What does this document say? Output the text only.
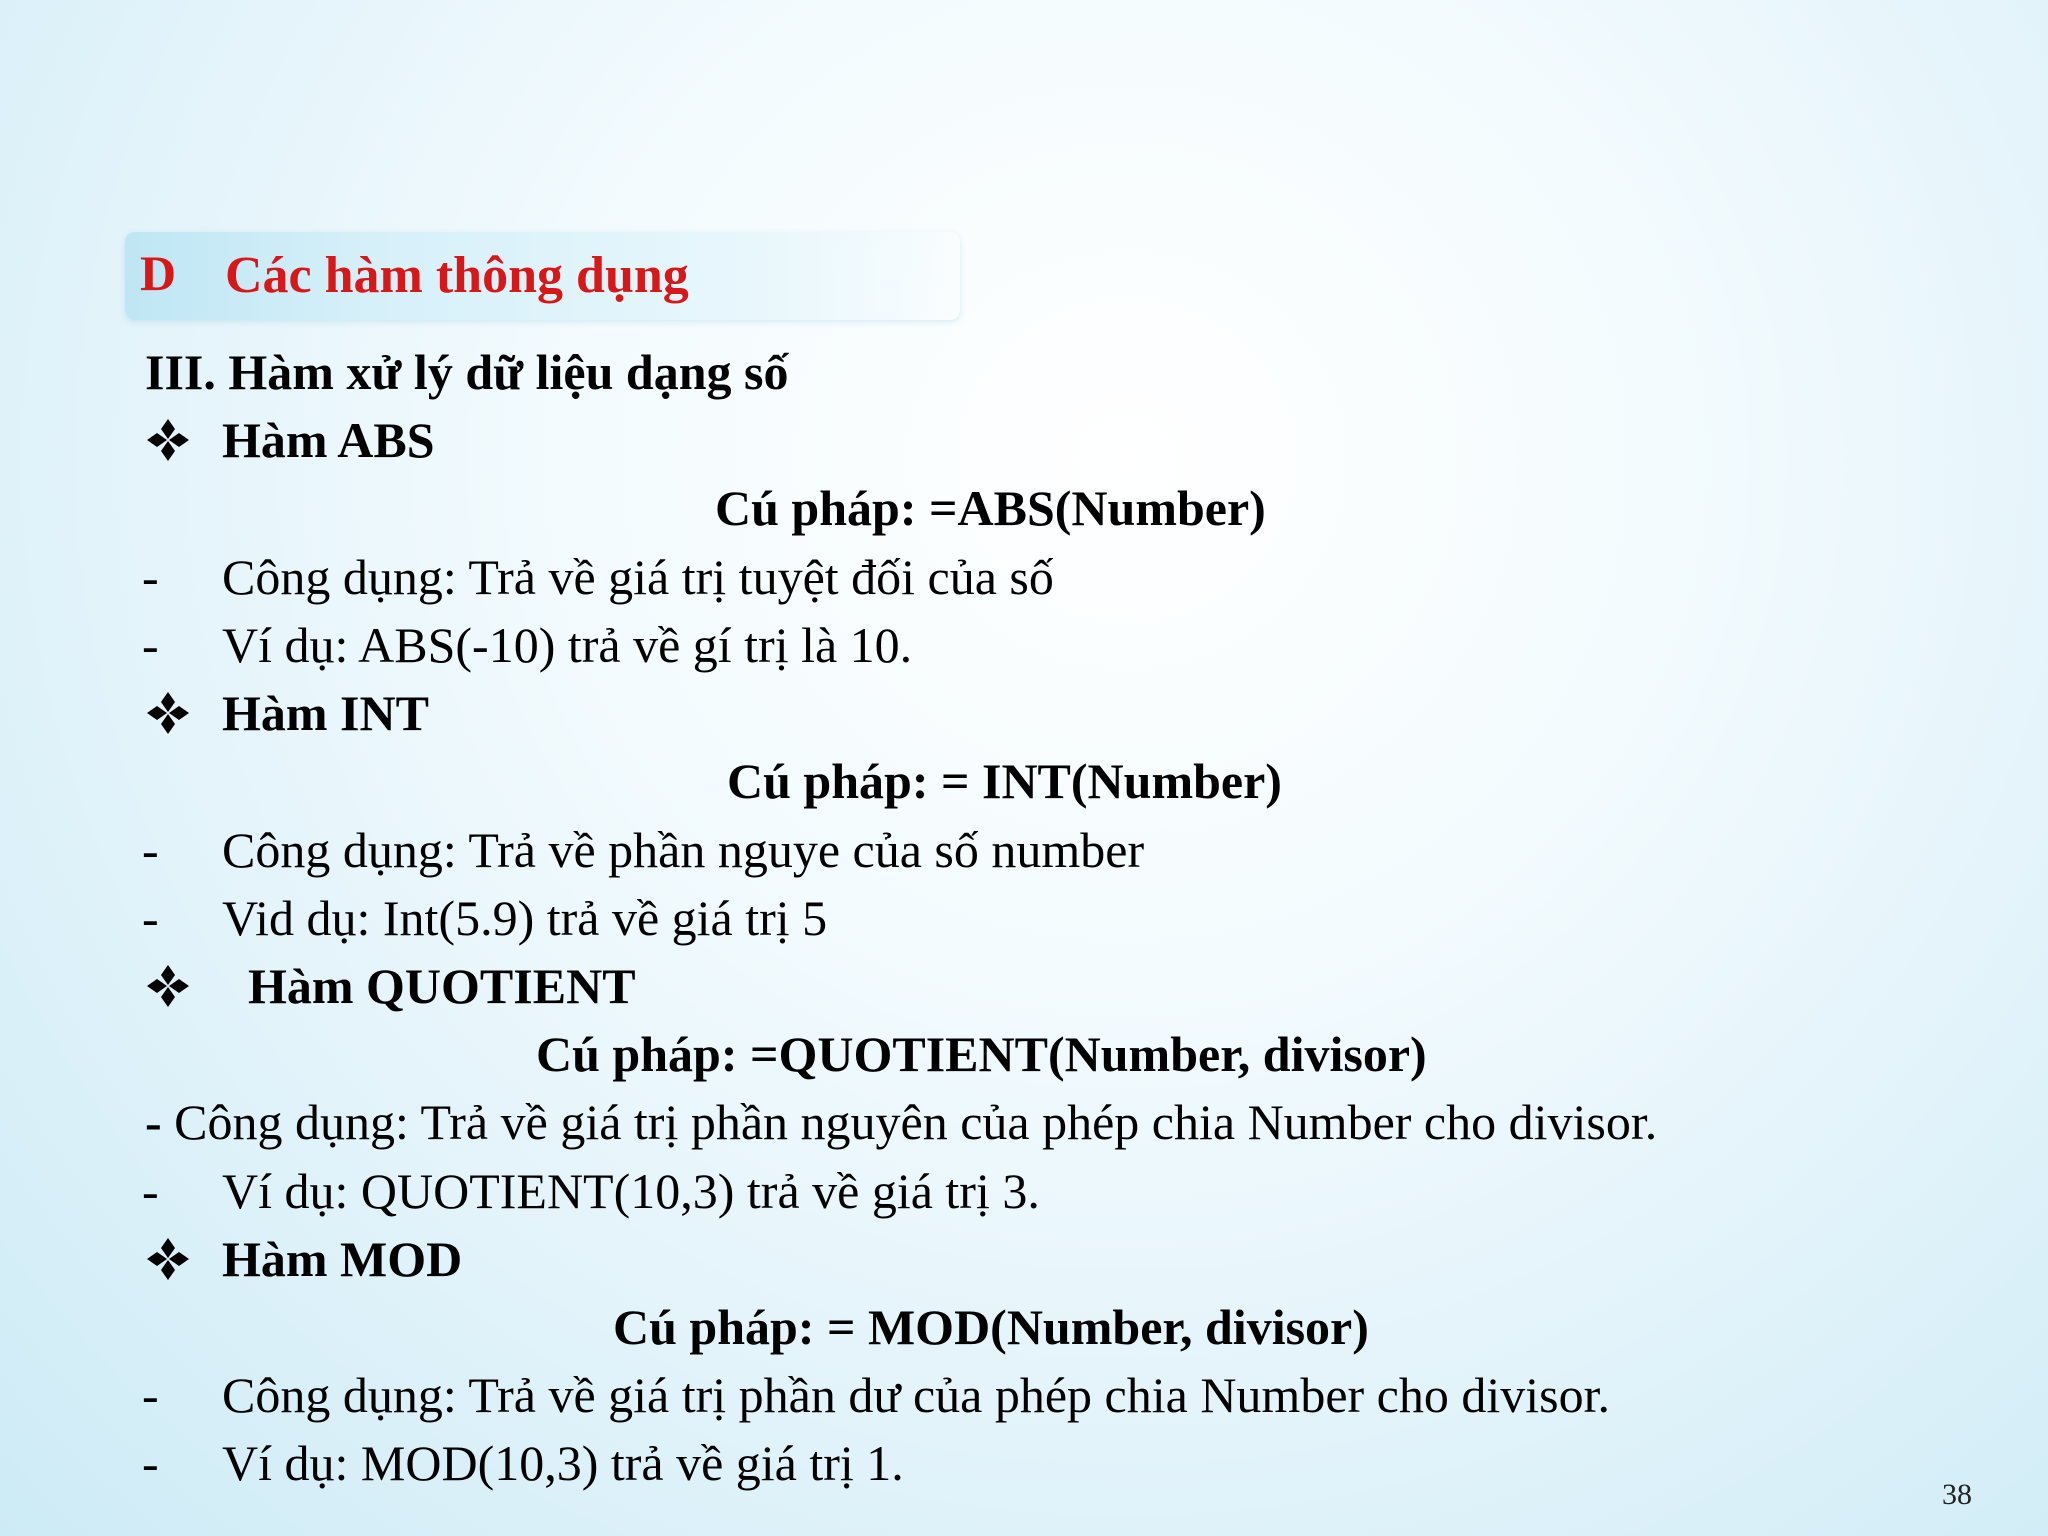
D Các hàm thông dụng
III. Hàm xử lý dữ liệu dạng số
Hàm ABS
Cú pháp: =ABS(Number)
- Công dụng: Trả về giá trị tuyệt đối của số
- Ví dụ: ABS(-10) trả về gí trị là 10.
Hàm INT
Cú pháp: = INT(Number)
- Công dụng: Trả về phần nguye của số number
- Vid dụ: Int(5.9) trả về giá trị 5
Hàm QUOTIENT
Cú pháp: =QUOTIENT(Number, divisor)
- Công dụng: Trả về giá trị phần nguyên của phép chia Number cho divisor.
- Ví dụ: QUOTIENT(10,3) trả về giá trị 3.
Hàm MOD
Cú pháp: = MOD(Number, divisor)
- Công dụng: Trả về giá trị phần dư của phép chia Number cho divisor.
- Ví dụ: MOD(10,3) trả về giá trị 1.
38
